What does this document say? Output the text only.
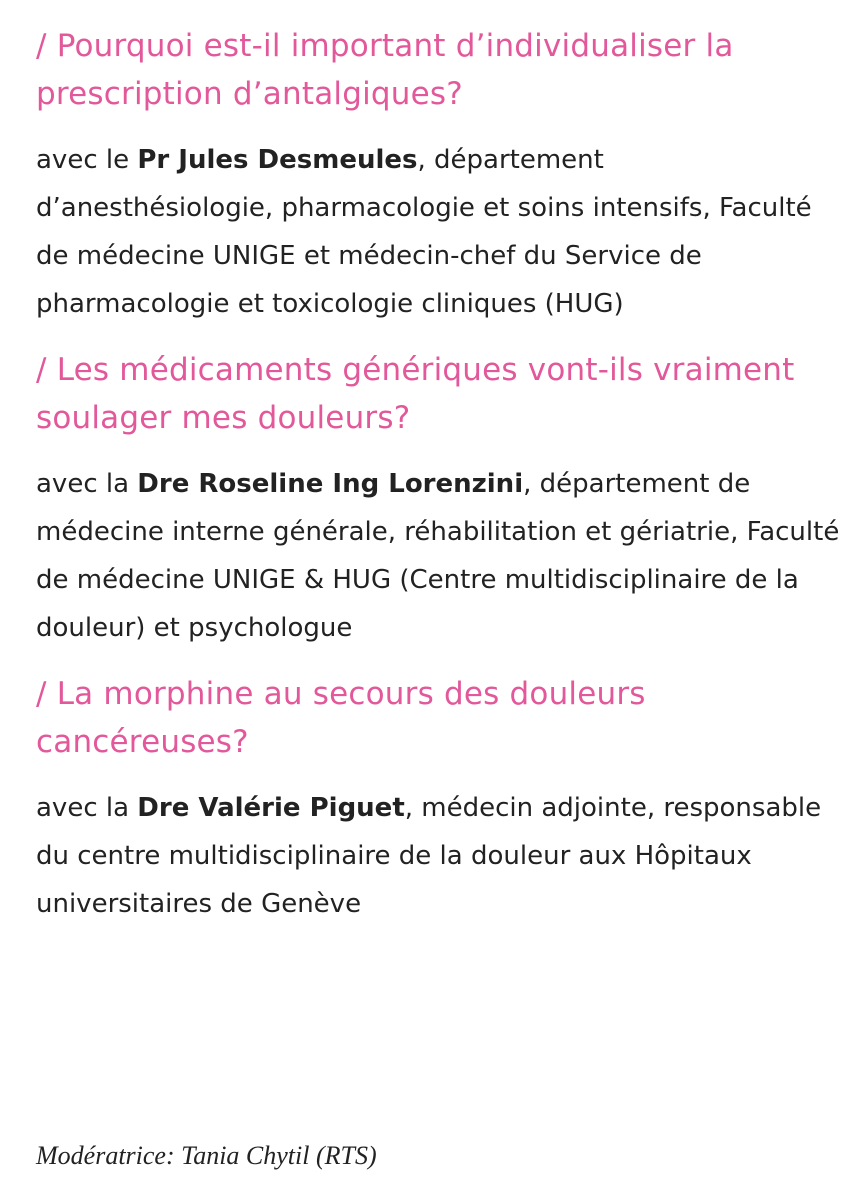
/ Pourquoi est-il important d’individualiser la prescription d’antalgiques?

avec le Pr Jules Desmeules, département d’anesthésiologie, pharmacologie et soins intensifs, Faculté de médecine UNIGE et médecin-chef du Service de pharmacologie et toxicologie cliniques (HUG)

/ Les médicaments génériques vont-ils vraiment soulager mes douleurs?

avec la Dre Roseline Ing Lorenzini, département de médecine interne générale, réhabilitation et gériatrie, Faculté de médecine UNIGE & HUG (Centre multidisciplinaire de la douleur) et psychologue

/ La morphine au secours des douleurs cancéreuses?

avec la Dre Valérie Piguet, médecin adjointe, responsable du centre multidisciplinaire de la douleur aux Hôpitaux universitaires de Genève

Modératrice: Tania Chytil (RTS)
